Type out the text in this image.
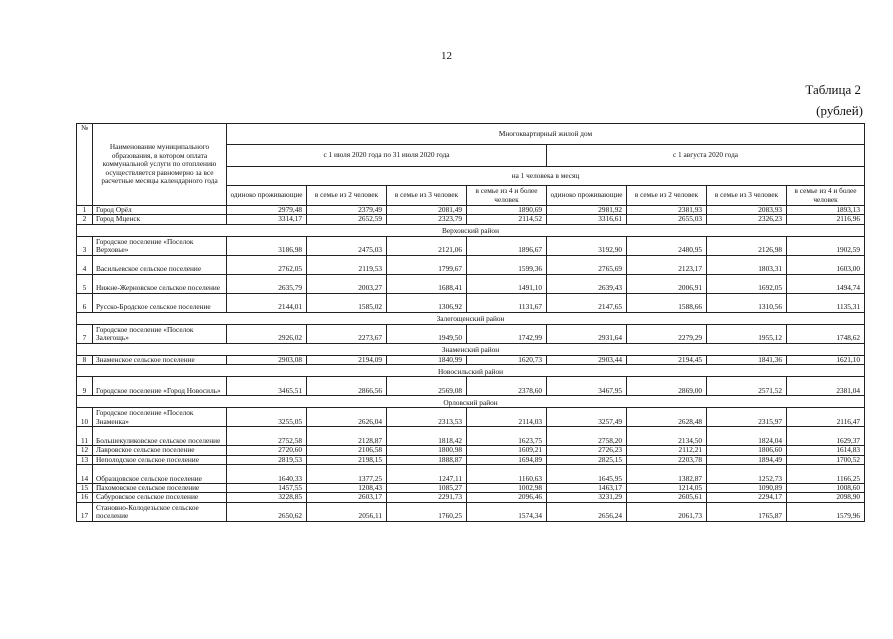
12
Таблица 2
(рублей)
№	Наименование муниципального образования, в котором оплата коммунальной услуги по отоплению осуществляется равномерно за все расчетные месяцы календарного года	Многоквартирный жилой дом							
		с 1 июля 2020 года по 31 июля 2020 года				с 1 августа 2020 года			
		на 1 человека в месяц							
		одиноко проживающие	в семье из 2 человек	в семье из 3 человек	в семье из 4 и более человек	одиноко проживающие	в семье из 2 человек	в семье из 3 человек	в семье из 4 и более человек
1	Город Орёл	2979,48	2379,49	2081,49	1890,69	2981,92	2381,93	2083,93	1893,13
2	Город Мценск	3314,17	2652,59	2323,79	2114,52	3316,61	2655,03	2326,23	2116,96
Верховский район									
3	Городское поселение «Поселок Верховье»	3186,98	2475,03	2121,06	1896,67	3192,90	2480,95	2126,98	1902,59
4	Васильевское сельское поселение	2762,05	2119,53	1799,67	1599,36	2765,69	2123,17	1803,31	1603,00
5	Нижне-Жерновское сельское поселение	2635,79	2003,27	1688,41	1491,10	2639,43	2006,91	1692,05	1494,74
6	Русско-Бродское сельское поселение	2144,01	1585,02	1306,92	1131,67	2147,65	1588,66	1310,56	1135,31
Залегощенский район									
7	Городское поселение «Поселок Залегощь»	2926,02	2273,67	1949,50	1742,99	2931,64	2279,29	1955,12	1748,62
Знаменский район									
8	Знаменское сельское поселение	2903,08	2194,09	1840,99	1620,73	2903,44	2194,45	1841,36	1621,10
Новосильский район									
9	Городское поселение «Город Новосиль»	3465,51	2866,56	2569,08	2378,60	3467,95	2869,00	2571,52	2381,04
Орловский район									
10	Городское поселение «Поселок Знаменка»	3255,05	2626,04	2313,53	2114,03	3257,49	2628,48	2315,97	2116,47
11	Большекуликовское сельское поселение	2752,58	2128,87	1818,42	1623,75	2758,20	2134,50	1824,04	1629,37
12	Лавровское сельское поселение	2720,60	2106,58	1800,98	1609,21	2726,23	2112,21	1806,60	1614,83
13	Неполодское сельское поселение	2819,53	2198,15	1888,87	1694,89	2825,15	2203,78	1894,49	1700,52
14	Образцовское сельское поселение	1640,33	1377,25	1247,11	1160,63	1645,95	1382,87	1252,73	1166,25
15	Пахомовское сельское поселение	1457,55	1208,43	1085,27	1002,98	1463,17	1214,05	1090,89	1008,60
16	Сабуровское сельское поселение	3228,85	2603,17	2291,73	2096,46	3231,29	2605,61	2294,17	2098,90
17	Становно-Колодезьское сельское поселение	2650,62	2056,11	1760,25	1574,34	2656,24	2061,73	1765,87	1579,96
